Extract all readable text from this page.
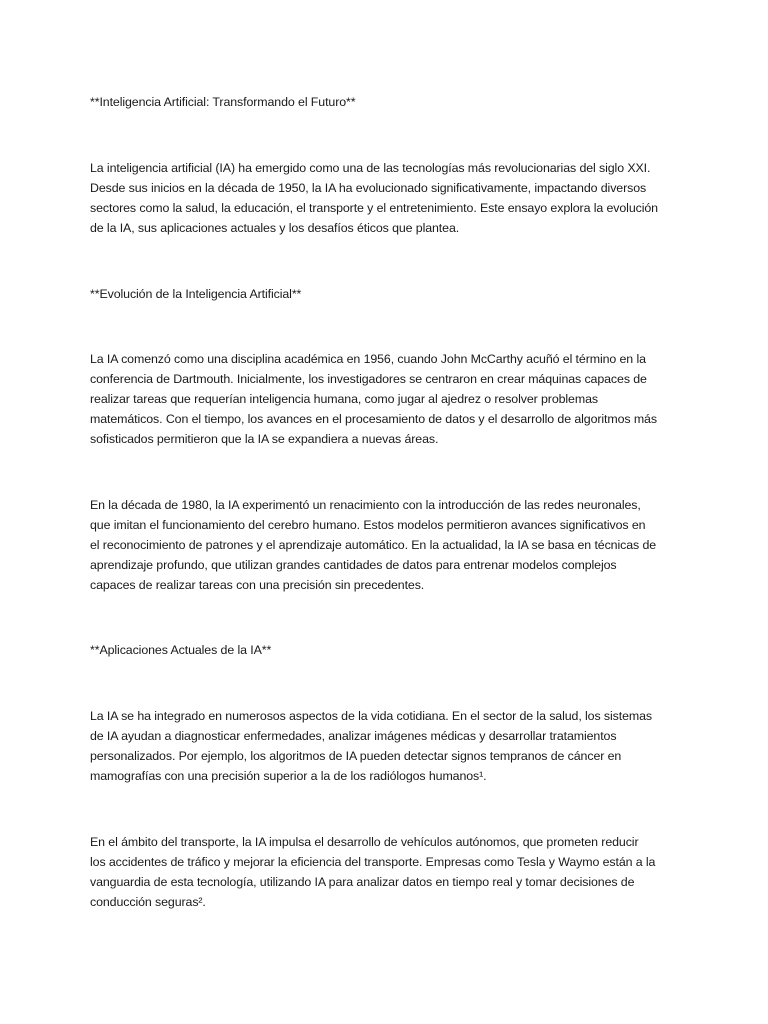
**Inteligencia Artificial: Transformando el Futuro**
La inteligencia artificial (IA) ha emergido como una de las tecnologías más revolucionarias del siglo XXI.
Desde sus inicios en la década de 1950, la IA ha evolucionado significativamente, impactando diversos
sectores como la salud, la educación, el transporte y el entretenimiento. Este ensayo explora la evolución
de la IA, sus aplicaciones actuales y los desafíos éticos que plantea.
**Evolución de la Inteligencia Artificial**
La IA comenzó como una disciplina académica en 1956, cuando John McCarthy acuñó el término en la
conferencia de Dartmouth. Inicialmente, los investigadores se centraron en crear máquinas capaces de
realizar tareas que requerían inteligencia humana, como jugar al ajedrez o resolver problemas
matemáticos. Con el tiempo, los avances en el procesamiento de datos y el desarrollo de algoritmos más
sofisticados permitieron que la IA se expandiera a nuevas áreas.
En la década de 1980, la IA experimentó un renacimiento con la introducción de las redes neuronales,
que imitan el funcionamiento del cerebro humano. Estos modelos permitieron avances significativos en
el reconocimiento de patrones y el aprendizaje automático. En la actualidad, la IA se basa en técnicas de
aprendizaje profundo, que utilizan grandes cantidades de datos para entrenar modelos complejos
capaces de realizar tareas con una precisión sin precedentes.
**Aplicaciones Actuales de la IA**
La IA se ha integrado en numerosos aspectos de la vida cotidiana. En el sector de la salud, los sistemas
de IA ayudan a diagnosticar enfermedades, analizar imágenes médicas y desarrollar tratamientos
personalizados. Por ejemplo, los algoritmos de IA pueden detectar signos tempranos de cáncer en
mamografías con una precisión superior a la de los radiólogos humanos¹.
En el ámbito del transporte, la IA impulsa el desarrollo de vehículos autónomos, que prometen reducir
los accidentes de tráfico y mejorar la eficiencia del transporte. Empresas como Tesla y Waymo están a la
vanguardia de esta tecnología, utilizando IA para analizar datos en tiempo real y tomar decisiones de
conducción seguras².
